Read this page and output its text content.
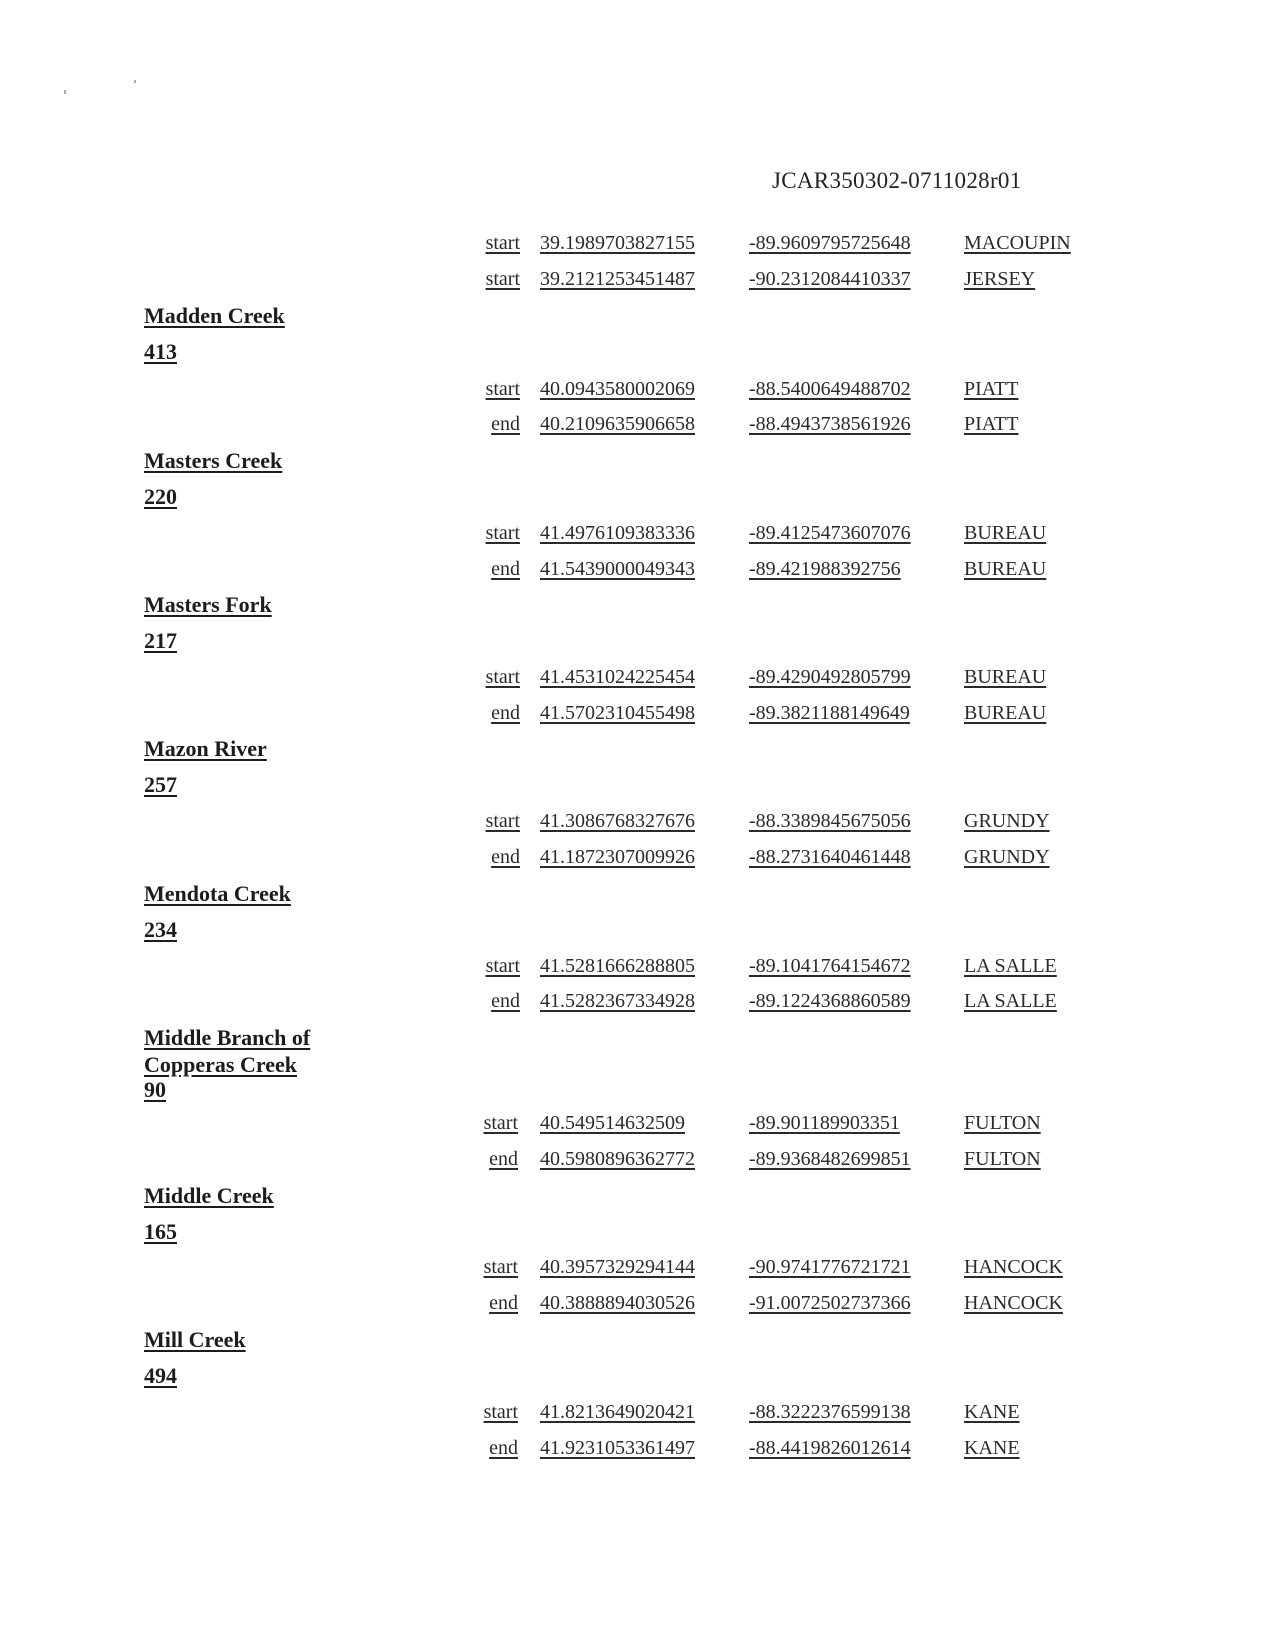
JCAR350302-0711028r01
start 39.1989703827155	-89.9609795725648	MACOUPIN
start 39.2121253451487	-90.2312084410337	JERSEY
Madden Creek
413
start 40.0943580002069	-88.5400649488702	PIATT
end 40.2109635906658	-88.4943738561926	PIATT
Masters Creek
220
start 41.4976109383336	-89.4125473607076	BUREAU
end 41.5439000049343	-89.421988392756	BUREAU
Masters Fork
217
start 41.4531024225454	-89.4290492805799	BUREAU
end 41.5702310455498	-89.3821188149649	BUREAU
Mazon River
257
start 41.3086768327676	-88.3389845675056	GRUNDY
end 41.1872307009926	-88.2731640461448	GRUNDY
Mendota Creek
234
start 41.5281666288805	-89.1041764154672	LA SALLE
end 41.5282367334928	-89.1224368860589	LA SALLE
Middle Branch of Copperas Creek
90
start 40.549514632509	-89.901189903351	FULTON
end 40.5980896362772	-89.9368482699851	FULTON
Middle Creek
165
start 40.3957329294144	-90.9741776721721	HANCOCK
end 40.3888894030526	-91.0072502737366	HANCOCK
Mill Creek
494
start 41.8213649020421	-88.3222376599138	KANE
end 41.9231053361497	-88.4419826012614	KANE
